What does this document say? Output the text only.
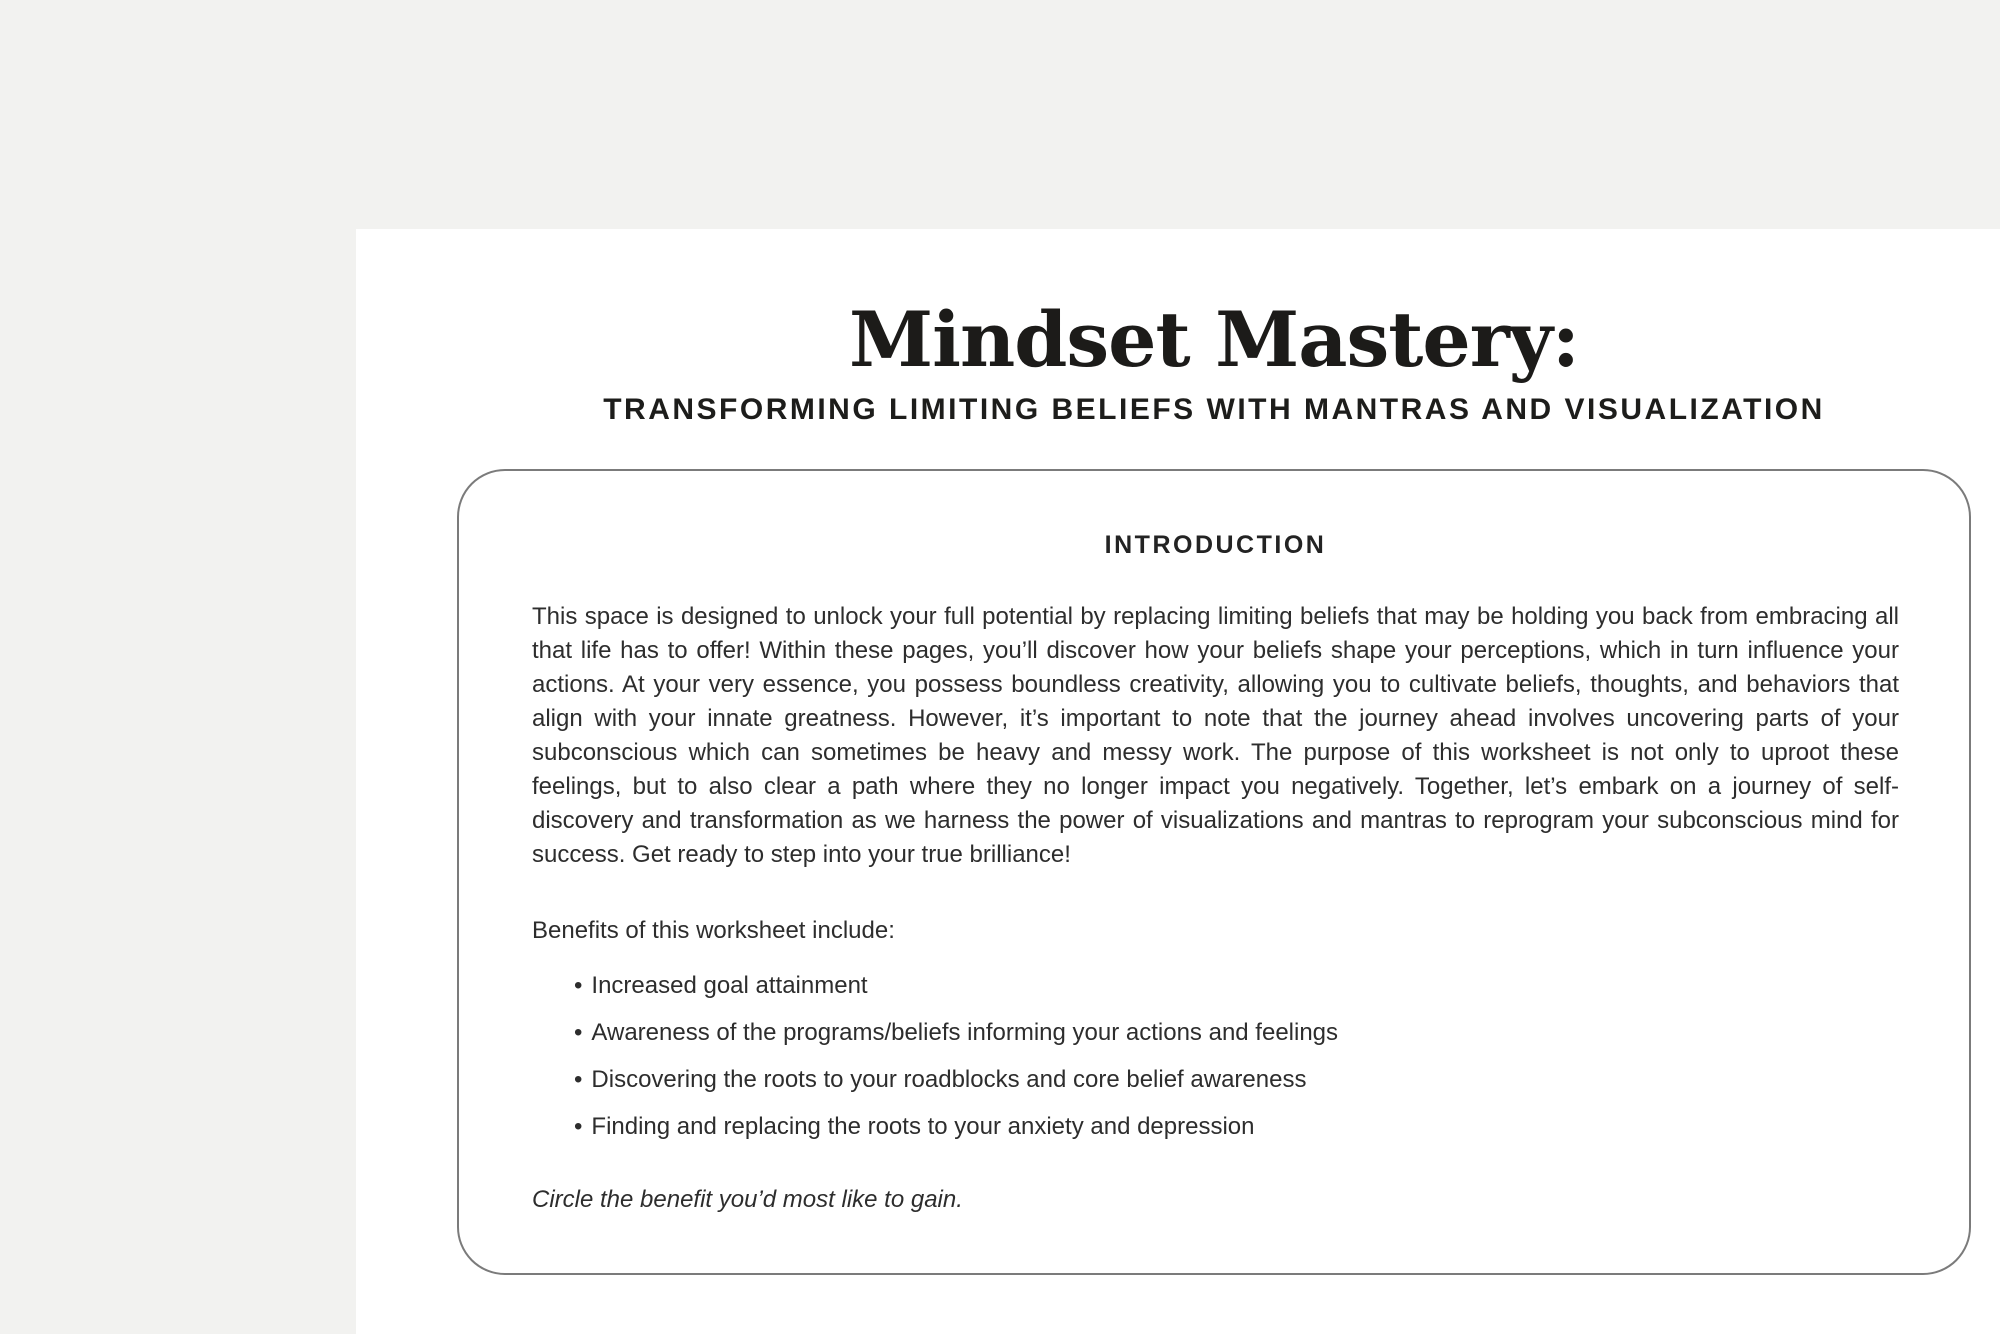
Mindset Mastery:
TRANSFORMING LIMITING BELIEFS WITH MANTRAS AND VISUALIZATION
INTRODUCTION

This space is designed to unlock your full potential by replacing limiting beliefs that may be holding you back from embracing all that life has to offer! Within these pages, you’ll discover how your beliefs shape your perceptions, which in turn influence your actions. At your very essence, you possess boundless creativity, allowing you to cultivate beliefs, thoughts, and behaviors that align with your innate greatness. However, it’s important to note that the journey ahead involves uncovering parts of your subconscious which can sometimes be heavy and messy work. The purpose of this worksheet is not only to uproot these feelings, but to also clear a path where they no longer impact you negatively. Together, let’s embark on a journey of self-discovery and transformation as we harness the power of visualizations and mantras to reprogram your subconscious mind for success. Get ready to step into your true brilliance!

Benefits of this worksheet include:
• Increased goal attainment
• Awareness of the programs/beliefs informing your actions and feelings
• Discovering the roots to your roadblocks and core belief awareness
• Finding and replacing the roots to your anxiety and depression
Circle the benefit you’d most like to gain.
